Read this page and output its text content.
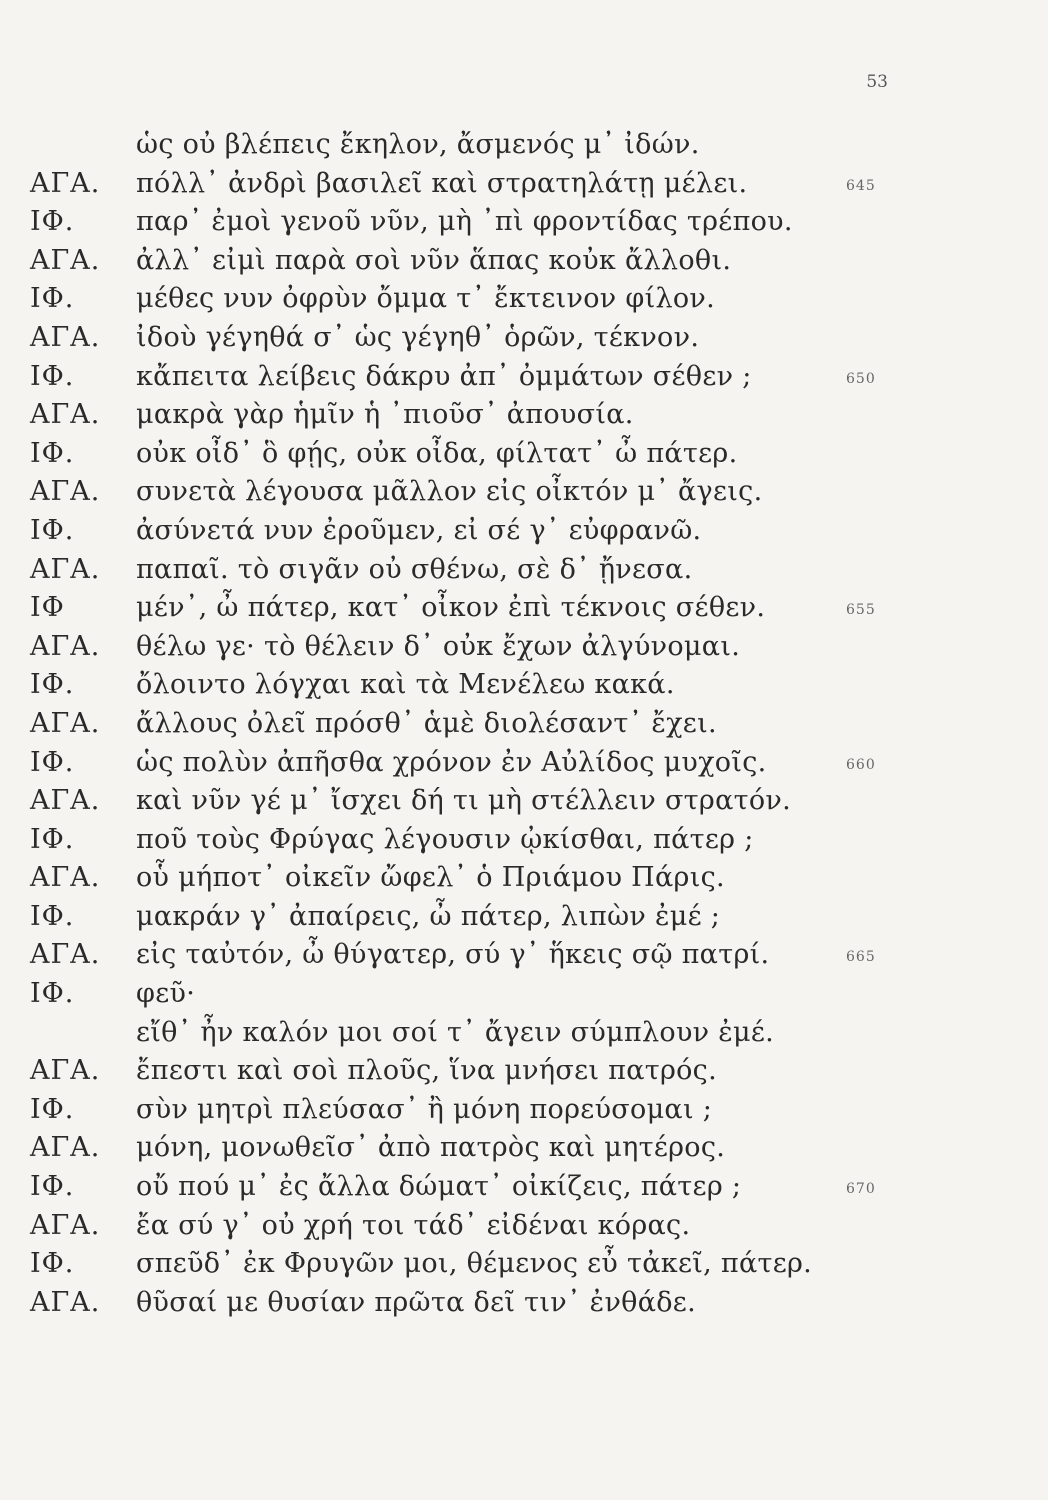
53
ὡς οὐ βλέπεις ἔκηλον, ἄσμενός μ᾽ ἰδών.
ΑΓΑ. πόλλ᾽ ἀνδρὶ βασιλεῖ καὶ στρατηλάτῃ μέλει.	645
ΙΦ. παρ᾽ ἐμοὶ γενοῦ νῦν, μὴ ᾽πὶ φροντίδας τρέπου.
ΑΓΑ. ἀλλ᾽ εἰμὶ παρὰ σοὶ νῦν ἅπας κοὐκ ἄλλοθι.
ΙΦ. μέθες νυν ὀφρὺν ὄμμα τ᾽ ἔκτεινον φίλον.
ΑΓΑ. ἰδοὺ γέγηθά σ᾽ ὡς γέγηθ᾽ ὁρῶν, τέκνον.
ΙΦ. κἄπειτα λείβεις δάκρυ ἀπ᾽ ὀμμάτων σέθεν ;	650
ΑΓΑ. μακρὰ γὰρ ἡμῖν ἡ ᾽πιοῦσ᾽ ἀπουσία.
ΙΦ. οὐκ οἶδ᾽ ὃ φῄς, οὐκ οἶδα, φίλτατ᾽ ὦ πάτερ.
ΑΓΑ. συνετὰ λέγουσα μᾶλλον εἰς οἶκτόν μ᾽ ἄγεις.
ΙΦ. ἀσύνετά νυν ἐροῦμεν, εἰ σέ γ᾽ εὐφρανῶ.
ΑΓΑ. παπαῖ. τὸ σιγᾶν οὐ σθένω, σὲ δ᾽ ᾔνεσα.
ΙΦ	μέν᾽, ὦ πάτερ, κατ᾽ οἶκον ἐπὶ τέκνοις σέθεν.	655
ΑΓΑ. θέλω γε· τὸ θέλειν δ᾽ οὐκ ἔχων ἀλγύνομαι.
ΙΦ. ὄλοιντο λόγχαι καὶ τὰ Μενέλεω κακά.
ΑΓΑ. ἄλλους ὀλεῖ πρόσθ᾽ ἁμὲ διολέσαντ᾽ ἔχει.
ΙΦ. ὡς πολὺν ἀπῆσθα χρόνον ἐν Αὐλίδος μυχοῖς.	660
ΑΓΑ. καὶ νῦν γέ μ᾽ ἴσχει δή τι μὴ στέλλειν στρατόν.
ΙΦ. ποῦ τοὺς Φρύγας λέγουσιν ᾠκίσθαι, πάτερ ;
ΑΓΑ. οὗ μήποτ᾽ οἰκεῖν ὤφελ᾽ ὁ Πριάμου Πάρις.
ΙΦ. μακράν γ᾽ ἀπαίρεις, ὦ πάτερ, λιπὼν ἐμέ ;
ΑΓΑ. εἰς ταὐτόν, ὦ θύγατερ, σύ γ᾽ ἥκεις σῷ πατρί.	665
ΙΦ. φεῦ·
εἴθ᾽ ἦν καλόν μοι σοί τ᾽ ἄγειν σύμπλουν ἐμέ.
ΑΓΑ. ἔπεστι καὶ σοὶ πλοῦς, ἵνα μνήσει πατρός.
ΙΦ. σὺν μητρὶ πλεύσασ᾽ ἢ μόνη πορεύσομαι ;
ΑΓΑ. μόνη, μονωθεῖσ᾽ ἀπὸ πατρὸς καὶ μητέρος.
ΙΦ. οὔ πού μ᾽ ἐς ἄλλα δώματ᾽ οἰκίζεις, πάτερ ;	670
ΑΓΑ. ἔα σύ γ᾽ οὐ χρή τοι τάδ᾽ εἰδέναι κόρας.
ΙΦ. σπεῦδ᾽ ἐκ Φρυγῶν μοι, θέμενος εὖ τἀκεῖ, πάτερ.
ΑΓΑ. θῦσαί με θυσίαν πρῶτα δεῖ τιν᾽ ἐνθάδε.
